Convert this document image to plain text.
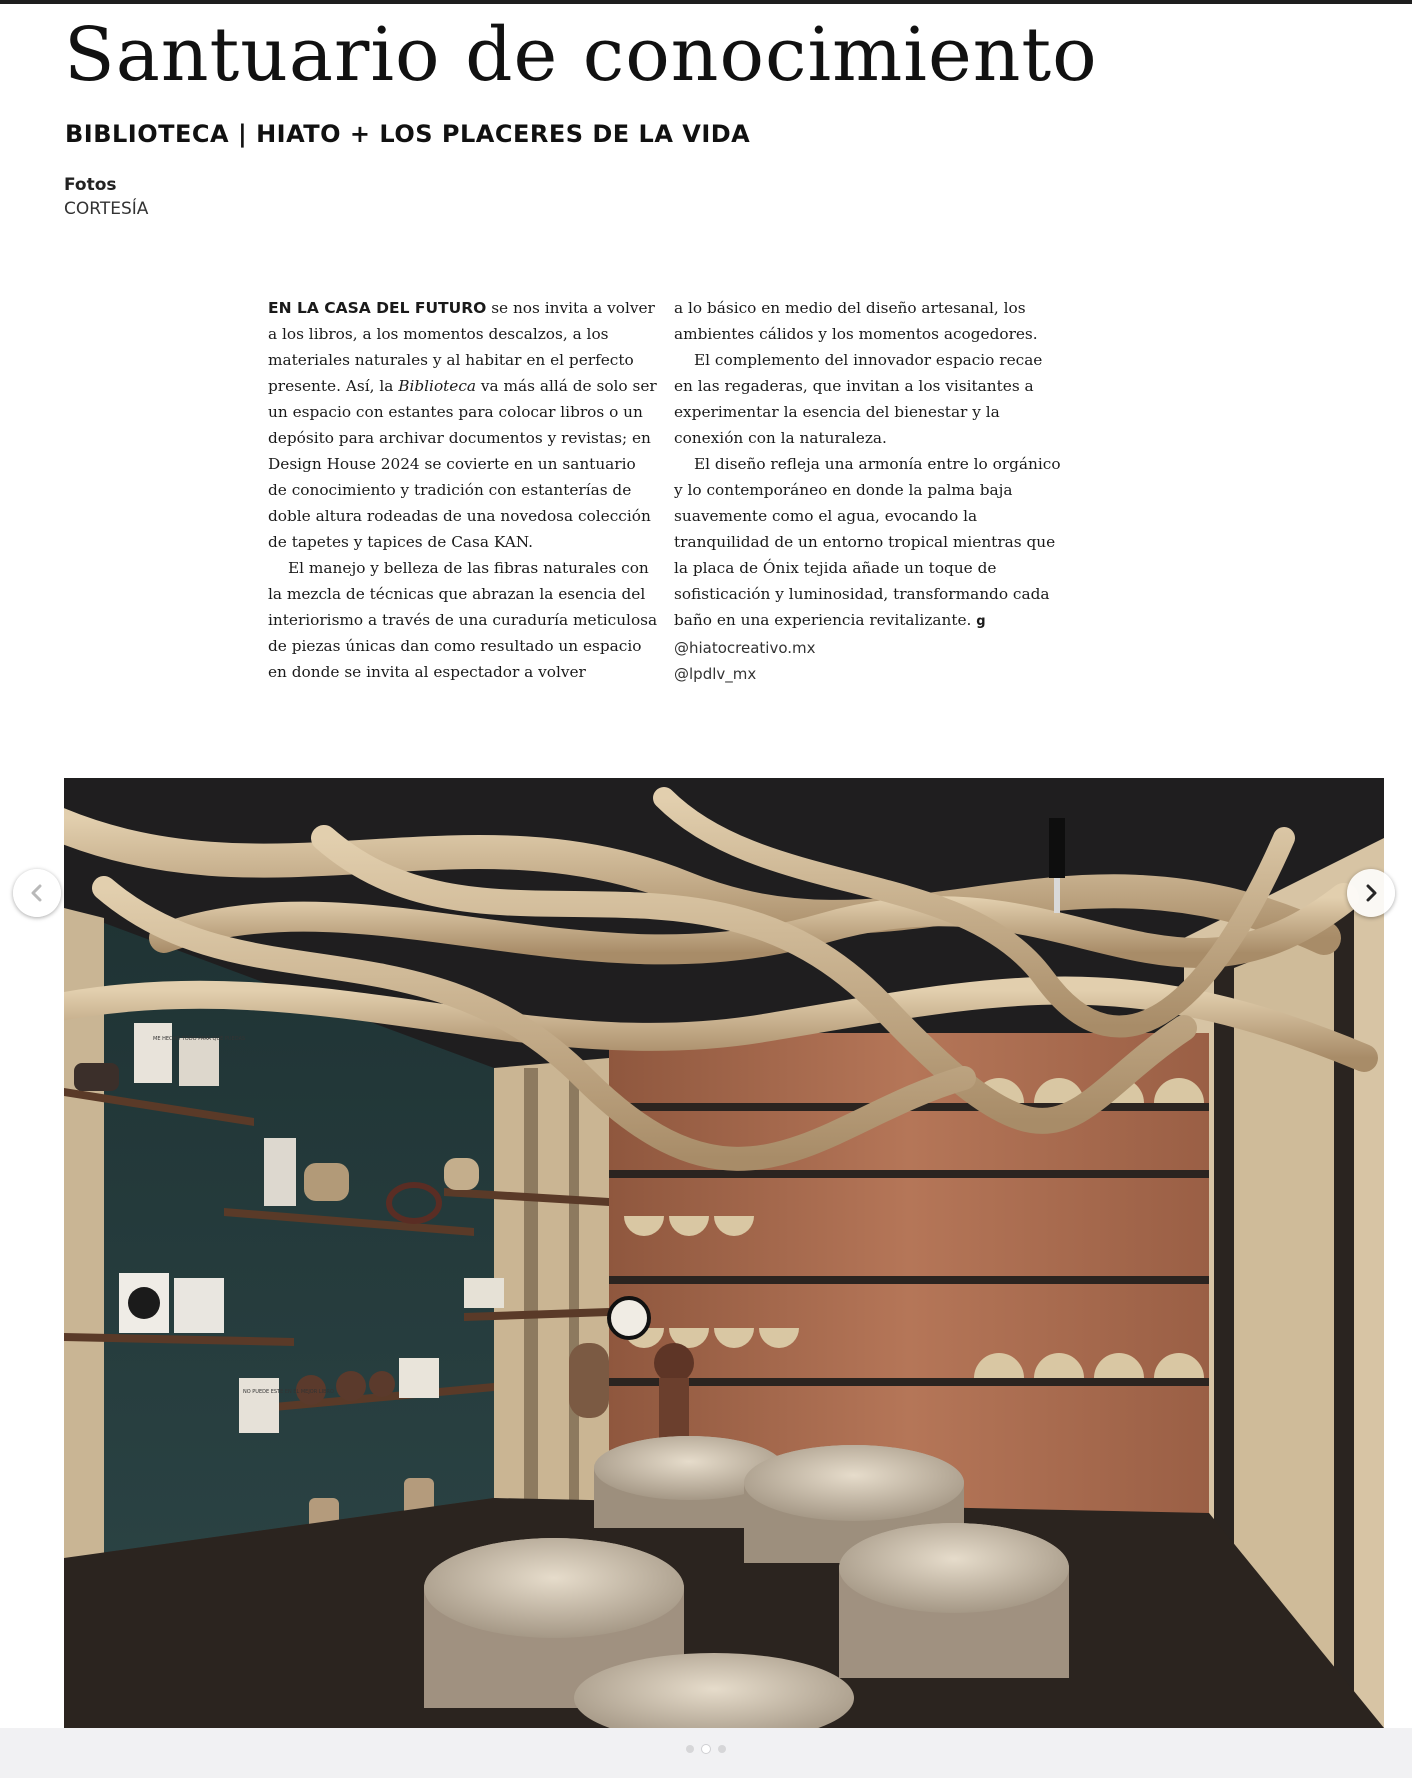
Santuario de conocimiento
BIBLIOTECA | HIATO + LOS PLACERES DE LA VIDA
Fotos
CORTESÍA

EN LA CASA DEL FUTURO se nos invita a volver a los libros, a los momentos descalzos, a los materiales naturales y al habitar en el perfecto presente. Así, la Biblioteca va más allá de solo ser un espacio con estantes para colocar libros o un depósito para archivar documentos y revistas; en Design House 2024 se covierte en un santuario de conocimiento y tradición con estanterías de doble altura rodeadas de una novedosa colección de tapetes y tapices de Casa KAN.

El manejo y belleza de las fibras naturales con la mezcla de técnicas que abrazan la esencia del interiorismo a través de una curaduría meticulosa de piezas únicas dan como resultado un espacio en donde se invita al espectador a volver

a lo básico en medio del diseño artesanal, los ambientes cálidos y los momentos acogedores.

El complemento del innovador espacio recae en las regaderas, que invitan a los visitantes a experimentar la esencia del bienestar y la conexión con la naturaleza.

El diseño refleja una armonía entre lo orgánico y lo contemporáneo en donde la palma baja suavemente como el agua, evocando la tranquilidad de un entorno tropical mientras que la placa de Ónix tejida añade un toque de sofisticación y luminosidad, transformando cada baño en una experiencia revitalizante. g

@hiatocreativo.mx
@lpdlv_mx
ME HECHO TODO PARA QUE PUEDAS
NO PUEDE ESTE EN EL MEJOR LIBRO
